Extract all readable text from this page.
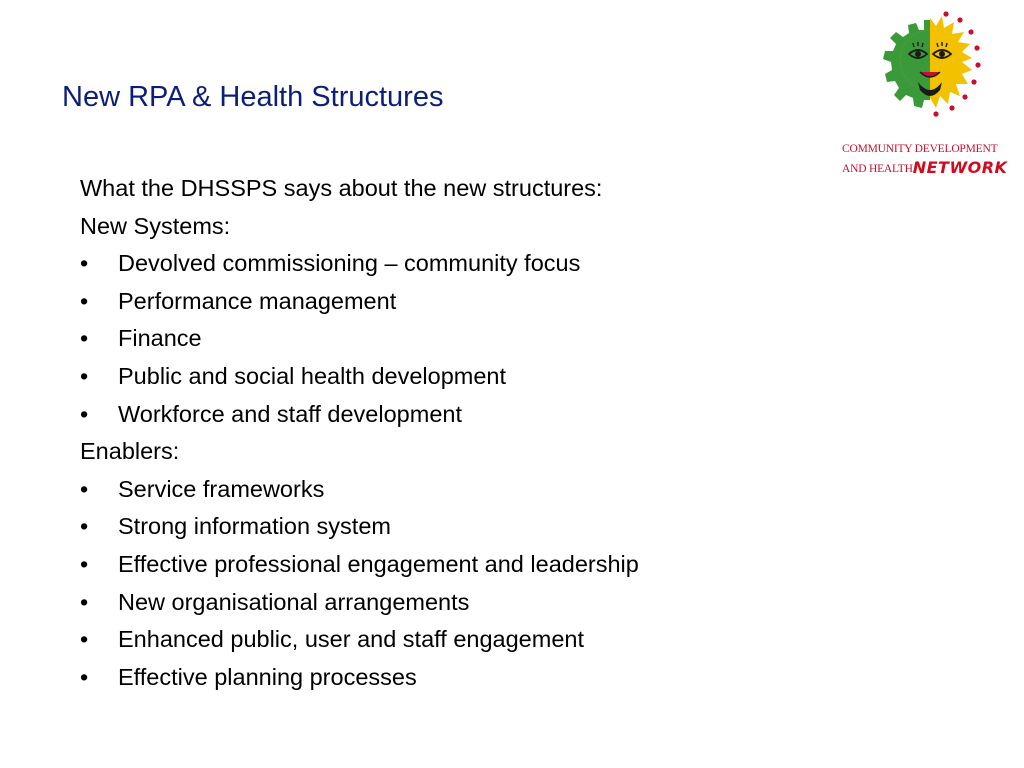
New RPA & Health Structures
COMMUNITY DEVELOPMENT
AND HEALTHNETWORK
What the DHSSPS says about the new structures:
New Systems:
• Devolved commissioning – community focus
• Performance management
• Finance
• Public and social health development
• Workforce and staff development
Enablers:
• Service frameworks
• Strong information system
• Effective professional engagement and leadership
• New organisational arrangements
• Enhanced public, user and staff engagement
• Effective planning processes
